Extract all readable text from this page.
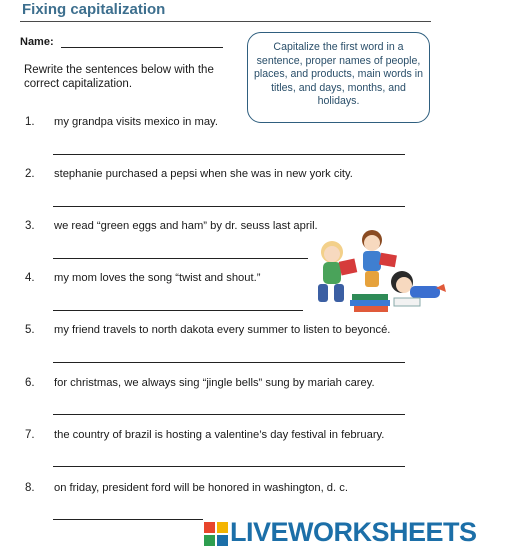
Fixing capitalization
Name:
Rewrite the sentences below with the correct capitalization.
Capitalize the first word in a sentence, proper names of people, places, and products, main words in titles, and days, months, and holidays.
1. my grandpa visits mexico in may.
2. stephanie purchased a pepsi when she was in new york city.
3. we read “green eggs and ham” by dr. seuss last april.
4. my mom loves the song “twist and shout.”
5. my friend travels to north dakota every summer to listen to beyoncé.
6. for christmas, we always sing “jingle bells” sung by mariah carey.
7. the country of brazil is hosting a valentine’s day festival in february.
8. on friday, president ford will be honored in washington, d. c.
LIVEWORKSHEETS
